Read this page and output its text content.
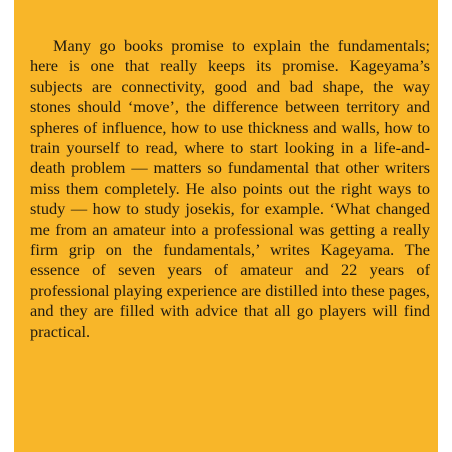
Many go books promise to explain the fundamentals; here is one that really keeps its promise. Kageyama’s subjects are connectivity, good and bad shape, the way stones should ‘move’, the difference between territory and spheres of influence, how to use thickness and walls, how to train yourself to read, where to start looking in a life-and-death problem — matters so fundamental that other writers miss them completely. He also points out the right ways to study — how to study josekis, for example. ‘What changed me from an amateur into a professional was getting a really firm grip on the fundamentals,’ writes Kageyama. The essence of seven years of amateur and 22 years of professional playing experience are distilled into these pages, and they are filled with advice that all go players will find practical.
